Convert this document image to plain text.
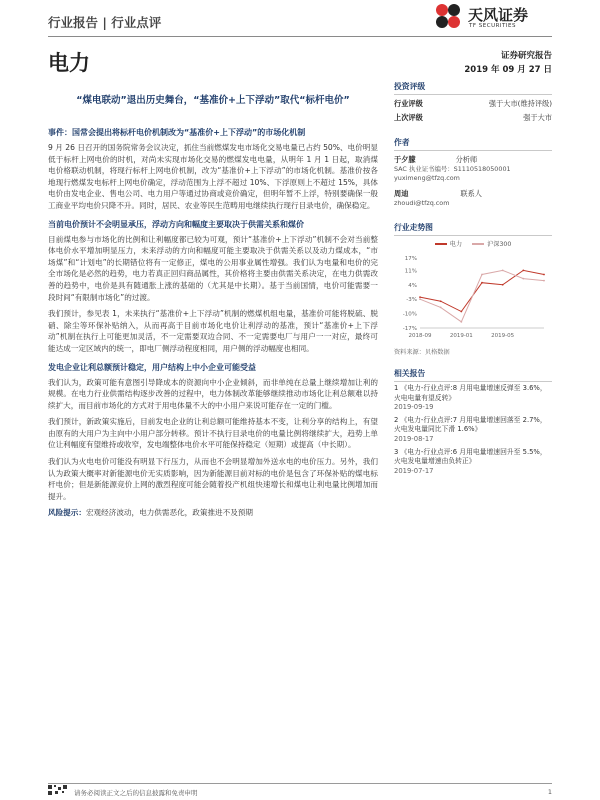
行业报告 | 行业点评	天风证券
TF SECURITIES
电力	证券研究报告
2019 年 09 月 27 日
“煤电联动”退出历史舞台，“基准价+上下浮动”取代“标杆电价”
事件：国常会提出将标杆电价机制改为“基准价+上下浮动”的市场化机制

9 月 26 日召开的国务院常务会议决定，抓住当前燃煤发电市场化交易电量已占约 50%、电价明显低于标杆上网电价的时机，对尚未实现市场化交易的燃煤发电电量，从明年 1 月 1 日起，取消煤电价格联动机制，将现行标杆上网电价机制，改为“基准价+上下浮动”的市场化机制。基准价按各地现行燃煤发电标杆上网电价确定，浮动范围为上浮不超过 10%、下浮原则上不超过 15%，具体电价由发电企业、售电公司、电力用户等通过协商或竞价确定，但明年暂不上浮，特别要确保一般工商业平均电价只降不升。同时，居民、农业等民生范畴用电继续执行现行目录电价，确保稳定。

当前电价预计不会明显承压，浮动方向和幅度主要取决于供需关系和煤价

目前煤电参与市场化的比例和让利幅度都已较为可观，预计“基准价+上下浮动”机制不会对当前整体电价水平增加明显压力，未来浮动的方向和幅度可能主要取决于供需关系以及动力煤成本，“市场煤”和“计划电”的长期错位将有一定修正，煤电的公用事业属性增强。我们认为电量和电价的完全市场化是必然的趋势，电力若真正回归商品属性，其价格将主要由供需关系决定，在电力供需改善的趋势中，电价是具有随通胀上涨的基础的（尤其是中长期）。基于当前国情，电价可能需要一段时间“有限制市场化”的过渡。

我们预计，参见表 1，未来执行“基准价+上下浮动”机制的燃煤机组电量，基准价可能将脱硫、脱硝、除尘等环保补贴纳入，从而再高于目前市场化电价让利浮动的基准，预计“基准价+上下浮动”机制在执行上可能更加灵活，不一定需要双边合同、不一定需要电厂与用户一一对应，最终可能达成一定区域内的统一，即电厂侧浮动程度相同，用户侧的浮动幅度也相同。

发电企业让利总额预计稳定，用户结构上中小企业可能受益

我们认为，政策可能有意图引导降成本的资源向中小企业倾斜，而非单纯在总量上继续增加让利的规模。在电力行业供需结构逐步改善的过程中，电力体制改革能够继续推动市场化让利总额难以持续扩大，而目前市场化的方式对于用电体量不大的中小用户来说可能存在一定的门槛。

我们预计，新政策实施后，目前发电企业的让利总额可能维持基本不变，让利分享的结构上，有望由原有的大用户为主向中小用户部分转移。预计不执行目录电价的电量比例将继续扩大，趋势上单位让利幅度有望维持或收窄，发电端整体电价水平可能保持稳定（短期）或提高（中长期）。

我们认为火电电价可能没有明显下行压力，从而也不会明显增加外送水电的电价压力。另外，我们认为政策大概率对新能源电价无实质影响，因为新能源目前对标的电价是包含了环保补贴的煤电标杆电价；但是新能源竞价上网的激烈程度可能会随着投产机组快速增长和煤电让利电量比例增加而提升。

风险提示：宏观经济波动，电力供需恶化，政策推进不及预期

投资评级
行业评级	强于大市(维持评级)
上次评级	强于大市
作者
于夕朦	分析师
SAC 执业证书编号：S1110518050001
yuximeng@tfzq.com
周迪	联系人
zhoudi@tfzq.com
行业走势图
电力	沪深300
-17%
-10%
-3%
4%
11%
17%
2018-09	2019-01	2019-05
资料来源：贝格数据
相关报告
1 《电力-行业点评:8 月用电量增速反弹至 3.6%，火电电量有望反转》
2019-09-19
2 《电力-行业点评:7 月用电量增速回落至 2.7%，火电发电量同比下滑 1.6%》
2019-08-17
3 《电力-行业点评:6 月用电量增速回升至 5.5%，火电发电量增速由负转正》
2019-07-17
请务必阅读正文之后的信息披露和免责申明	1
